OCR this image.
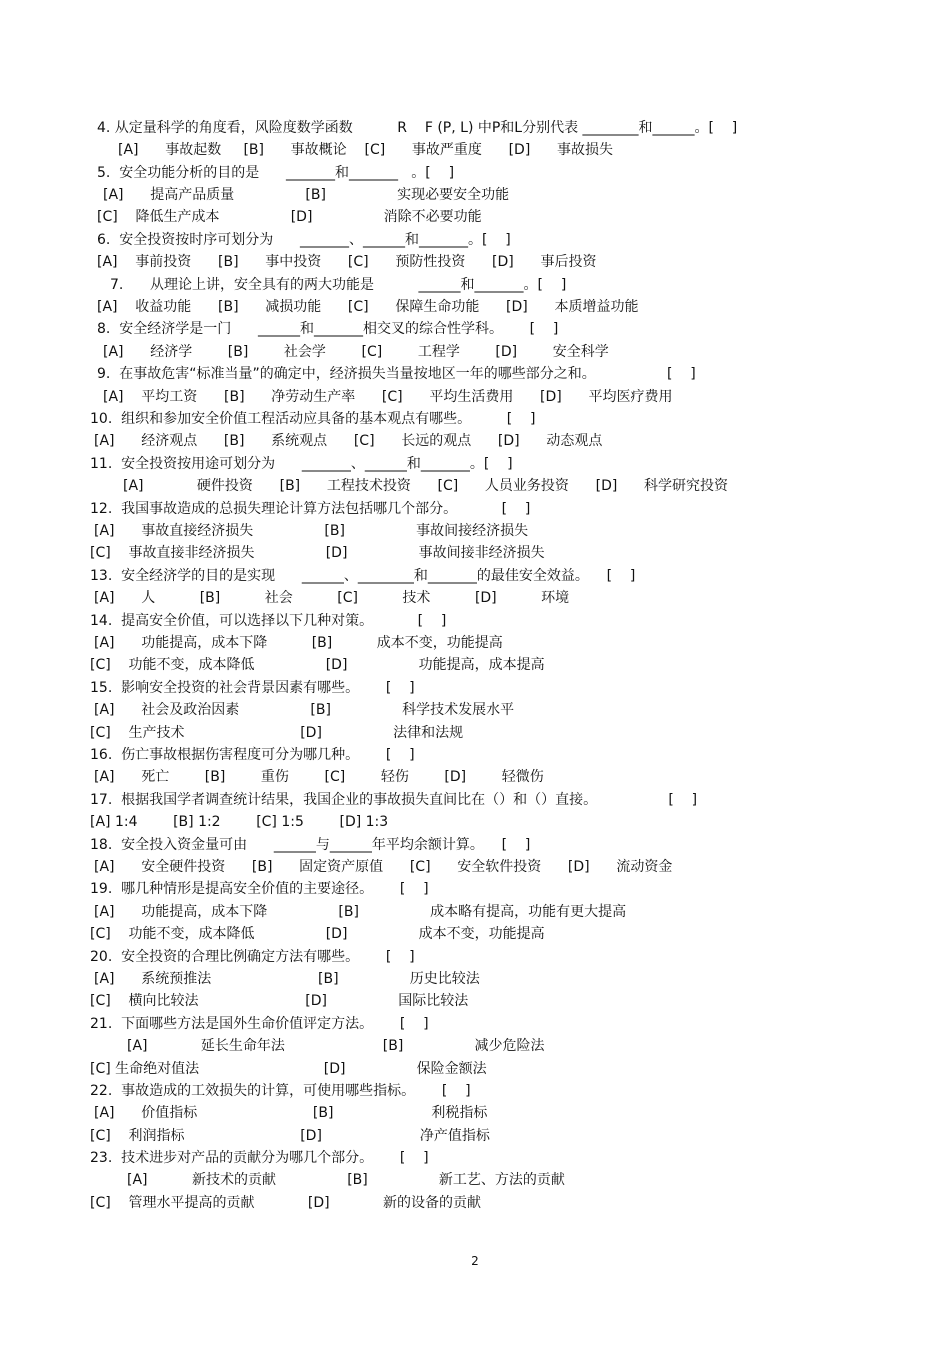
4. 从定量科学的角度看，风险度数学函数          R    F (P, L) 中P和L分别代表 ________和______。[    ]
[A]      事故起数     [B]      事故概论    [C]      事故严重度      [D]      事故损失
5.  安全功能分析的目的是      _______和_______   。[    ]
[A]      提高产品质量                [B]                实现必要安全功能
[C]    降低生产成本                [D]                消除不必要功能
6.  安全投资按时序可划分为      _______、______和_______。[    ]
[A]    事前投资      [B]      事中投资      [C]      预防性投资      [D]      事后投资
7.      从理论上讲，安全具有的两大功能是          ______和_______。[    ]
[A]    收益功能      [B]      减损功能      [C]      保障生命功能      [D]      本质增益功能
8.  安全经济学是一门      ______和_______相交叉的综合性学科。      [    ]
[A]      经济学        [B]        社会学        [C]        工程学        [D]        安全科学
9.  在事故危害“标准当量”的确定中，经济损失当量按地区一年的哪些部分之和。                [    ]
[A]    平均工资      [B]      净劳动生产率      [C]      平均生活费用      [D]      平均医疗费用
10.  组织和参加安全价值工程活动应具备的基本观点有哪些。        [    ]
[A]      经济观点      [B]      系统观点      [C]      长远的观点      [D]      动态观点
11.  安全投资按用途可划分为      _______、______和_______。[    ]
[A]            硬件投资      [B]      工程技术投资      [C]      人员业务投资      [D]      科学研究投资
12.  我国事故造成的总损失理论计算方法包括哪几个部分。          [    ]
[A]      事故直接经济损失                [B]                事故间接经济损失
[C]    事故直接非经济损失                [D]                事故间接非经济损失
13.  安全经济学的目的是实现      ______、________和_______的最佳安全效益。    [    ]
[A]      人          [B]          社会          [C]          技术          [D]          环境
14.  提高安全价值，可以选择以下几种对策。          [    ]
[A]      功能提高，成本下降          [B]          成本不变，功能提高
[C]    功能不变，成本降低                [D]                功能提高，成本提高
15.  影响安全投资的社会背景因素有哪些。      [    ]
[A]      社会及政治因素                [B]                科学技术发展水平
[C]    生产技术                          [D]                法律和法规
16.  伤亡事故根据伤害程度可分为哪几种。      [    ]
[A]      死亡        [B]        重伤        [C]        轻伤        [D]        轻微伤
17.  根据我国学者调查统计结果，我国企业的事故损失直间比在（）和（）直接。                [    ]
[A] 1:4        [B] 1:2        [C] 1:5        [D] 1:3
18.  安全投入资金量可由      ______与______年平均余额计算。    [    ]
[A]      安全硬件投资      [B]      固定资产原值      [C]      安全软件投资      [D]      流动资金
19.  哪几种情形是提高安全价值的主要途径。      [    ]
[A]      功能提高，成本下降                [B]                成本略有提高，功能有更大提高
[C]    功能不变，成本降低                [D]                成本不变，功能提高
20.  安全投资的合理比例确定方法有哪些。      [    ]
[A]      系统预推法                        [B]                历史比较法
[C]    横向比较法                        [D]                国际比较法
21.  下面哪些方法是国外生命价值评定方法。      [    ]
[A]            延长生命年法                      [B]                减少危险法
[C] 生命绝对值法                            [D]                保险金额法
22.  事故造成的工效损失的计算，可使用哪些指标。      [    ]
[A]      价值指标                          [B]                      利税指标
[C]    利润指标                          [D]                      净产值指标
23.  技术进步对产品的贡献分为哪几个部分。      [    ]
[A]          新技术的贡献                [B]                新工艺、方法的贡献
[C]    管理水平提高的贡献            [D]            新的设备的贡献
2
